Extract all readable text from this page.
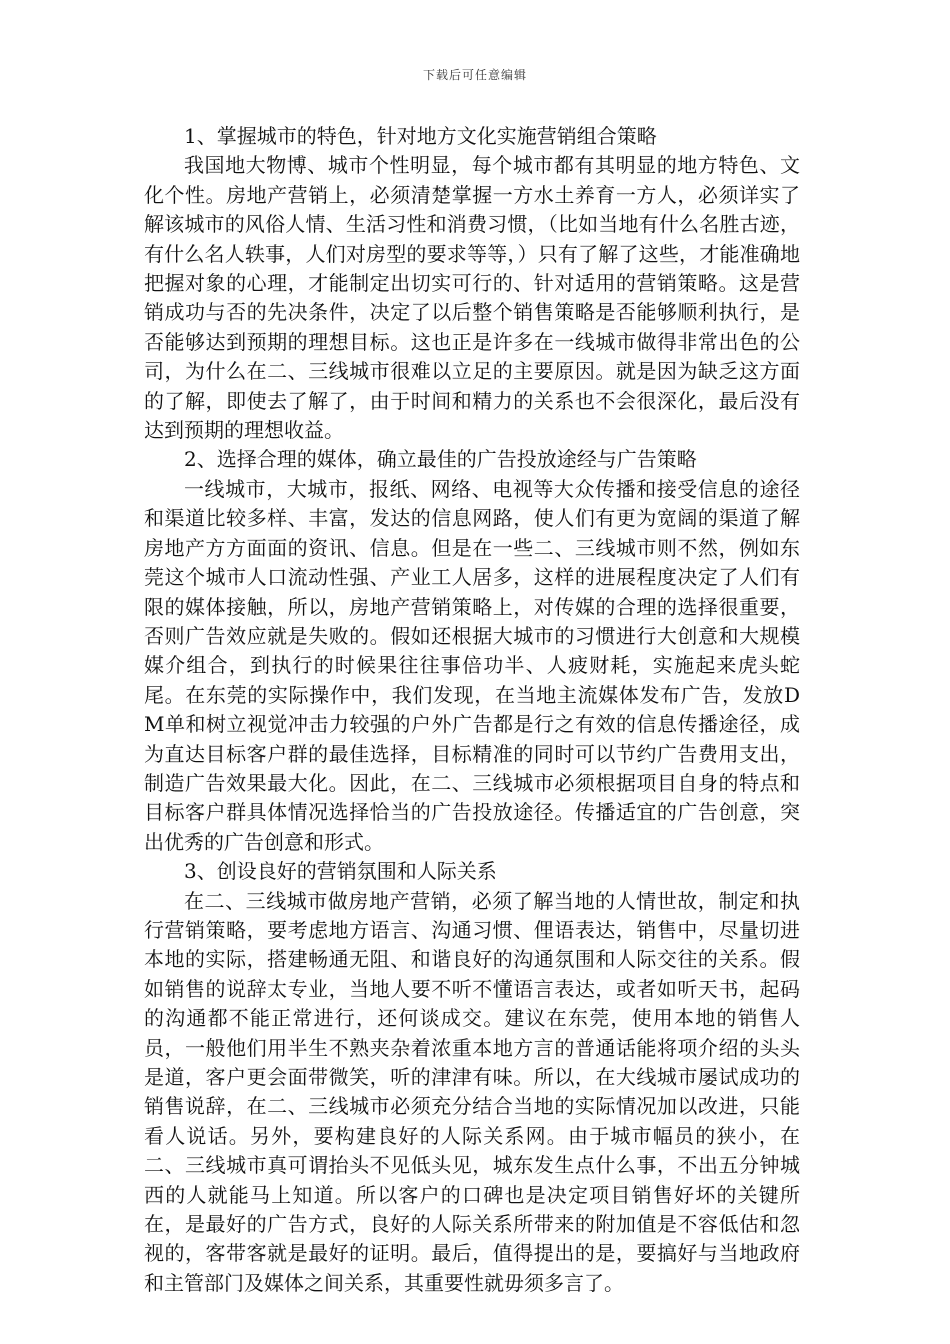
下载后可任意编辑

1、掌握城市的特色，针对地方文化实施营销组合策略

我国地大物博、城市个性明显，每个城市都有其明显的地方特色、文化个性。房地产营销上，必须清楚掌握一方水土养育一方人，必须详实了解该城市的风俗人情、生活习性和消费习惯，（比如当地有什么名胜古迹，有什么名人轶事，人们对房型的要求等等，）只有了解了这些，才能准确地把握对象的心理，才能制定出切实可行的、针对适用的营销策略。这是营销成功与否的先决条件，决定了以后整个销售策略是否能够顺利执行，是否能够达到预期的理想目标。这也正是许多在一线城市做得非常出色的公司，为什么在二、三线城市很难以立足的主要原因。就是因为缺乏这方面的了解，即使去了解了，由于时间和精力的关系也不会很深化，最后没有达到预期的理想收益。

2、选择合理的媒体，确立最佳的广告投放途经与广告策略

一线城市，大城市，报纸、网络、电视等大众传播和接受信息的途径和渠道比较多样、丰富，发达的信息网路，使人们有更为宽阔的渠道了解房地产方方面面的资讯、信息。但是在一些二、三线城市则不然，例如东莞这个城市人口流动性强、产业工人居多，这样的进展程度决定了人们有限的媒体接触，所以，房地产营销策略上，对传媒的合理的选择很重要，否则广告效应就是失败的。假如还根据大城市的习惯进行大创意和大规模媒介组合，到执行的时候果往往事倍功半、人疲财耗，实施起来虎头蛇尾。在东莞的实际操作中，我们发现，在当地主流媒体发布广告，发放DM单和树立视觉冲击力较强的户外广告都是行之有效的信息传播途径，成为直达目标客户群的最佳选择，目标精准的同时可以节约广告费用支出，制造广告效果最大化。因此，在二、三线城市必须根据项目自身的特点和目标客户群具体情况选择恰当的广告投放途径。传播适宜的广告创意，突出优秀的广告创意和形式。

3、创设良好的营销氛围和人际关系

在二、三线城市做房地产营销，必须了解当地的人情世故，制定和执行营销策略，要考虑地方语言、沟通习惯、俚语表达，销售中，尽量切进本地的实际，搭建畅通无阻、和谐良好的沟通氛围和人际交往的关系。假如销售的说辞太专业，当地人要不听不懂语言表达，或者如听天书，起码的沟通都不能正常进行，还何谈成交。建议在东莞，使用本地的销售人员，一般他们用半生不熟夹杂着浓重本地方言的普通话能将项介绍的头头是道，客户更会面带微笑，听的津津有味。所以，在大线城市屡试成功的销售说辞，在二、三线城市必须充分结合当地的实际情况加以改进，只能看人说话。另外，要构建良好的人际关系网。由于城市幅员的狭小，在二、三线城市真可谓抬头不见低头见，城东发生点什么事，不出五分钟城西的人就能马上知道。所以客户的口碑也是决定项目销售好坏的关键所在，是最好的广告方式，良好的人际关系所带来的附加值是不容低估和忽视的，客带客就是最好的证明。最后，值得提出的是，要搞好与当地政府和主管部门及媒体之间关系，其重要性就毋须多言了。
